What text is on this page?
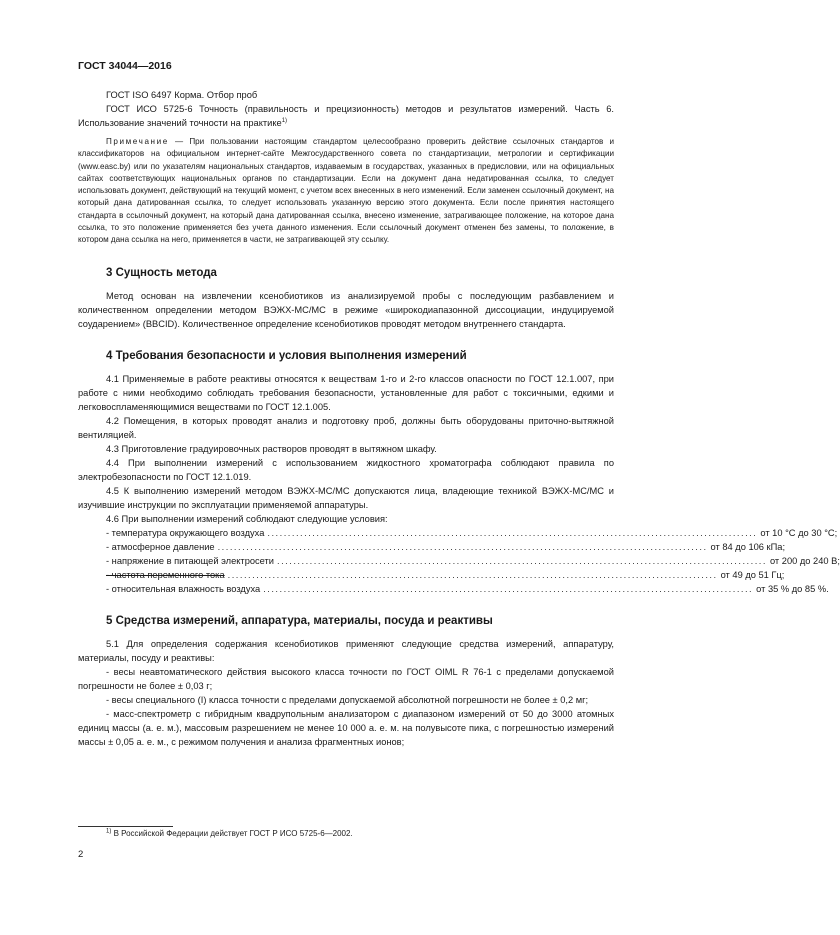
ГОСТ 34044—2016

ГОСТ ISO 6497 Корма. Отбор проб

ГОСТ ИСО 5725-6 Точность (правильность и прецизионность) методов и результатов измерений. Часть 6. Использование значений точности на практике$^{1)}$

Примечание — При пользовании настоящим стандартом целесообразно проверить действие ссылочных стандартов и классификаторов на официальном интернет-сайте Межгосударственного совета по стандартизации, метрологии и сертификации (www.easc.by) или по указателям национальных стандартов, издаваемым в государствах, указанных в предисловии, или на официальных сайтах соответствующих национальных органов по стандартизации. Если на документ дана недатированная ссылка, то следует использовать документ, действующий на текущий момент, с учетом всех внесенных в него изменений. Если заменен ссылочный документ, на который дана датированная ссылка, то следует использовать указанную версию этого документа. Если после принятия настоящего стандарта в ссылочный документ, на который дана датированная ссылка, внесено изменение, затрагивающее положение, на которое дана ссылка, то это положение применяется без учета данного изменения. Если ссылочный документ отменен без замены, то положение, в котором дана ссылка на него, применяется в части, не затрагивающей эту ссылку.

3 Сущность метода

Метод основан на извлечении ксенобиотиков из анализируемой пробы с последующим разбавлением и количественном определении методом ВЭЖХ-МС/МС в режиме «широкодиапазонной диссоциации, индуцируемой соударением» (BBCID). Количественное определение ксенобиотиков проводят методом внутреннего стандарта.

4 Требования безопасности и условия выполнения измерений

4.1 Применяемые в работе реактивы относятся к веществам 1-го и 2-го классов опасности по ГОСТ 12.1.007, при работе с ними необходимо соблюдать требования безопасности, установленные для работ с токсичными, едкими и легковоспламеняющимися веществами по ГОСТ 12.1.005.

4.2 Помещения, в которых проводят анализ и подготовку проб, должны быть оборудованы приточно-вытяжной вентиляцией.

4.3 Приготовление градуировочных растворов проводят в вытяжном шкафу.

4.4 При выполнении измерений с использованием жидкостного хроматографа соблюдают правила по электробезопасности по ГОСТ 12.1.019.

4.5 К выполнению измерений методом ВЭЖХ-МС/МС допускаются лица, владеющие техникой ВЭЖХ-МС/МС и изучившие инструкции по эксплуатации применяемой аппаратуры.

4.6 При выполнении измерений соблюдают следующие условия:

- температура окружающего воздуха ........................................................................................................................ от 10 °С до 30 °С;
- атмосферное давление ........................................................................................................................ от 84 до 106 кПа;
- напряжение в питающей электросети ........................................................................................................................ от 200 до 240 В;
- частота переменного тока ........................................................................................................................ от 49 до 51 Гц;
- относительная влажность воздуха ........................................................................................................................ от 35 % до 85 %.
5 Средства измерений, аппаратура, материалы, посуда и реактивы

5.1 Для определения содержания ксенобиотиков применяют следующие средства измерений, аппаратуру, материалы, посуду и реактивы:

- весы неавтоматического действия высокого класса точности по ГОСТ OIML R 76-1 с пределами допускаемой погрешности не более ± 0,03 г;

- весы специального (I) класса точности с пределами допускаемой абсолютной погрешности не более ± 0,2 мг;

- масс-спектрометр с гибридным квадрупольным анализатором с диапазоном измерений от 50 до 3000 атомных единиц массы (а. е. м.), массовым разрешением не менее 10 000 а. е. м. на полувысоте пика, с погрешностью измерений массы ± 0,05 а. е. м., с режимом получения и анализа фрагментных ионов;

$^{1)}$ В Российской Федерации действует ГОСТ Р ИСО 5725-6—2002.
2
